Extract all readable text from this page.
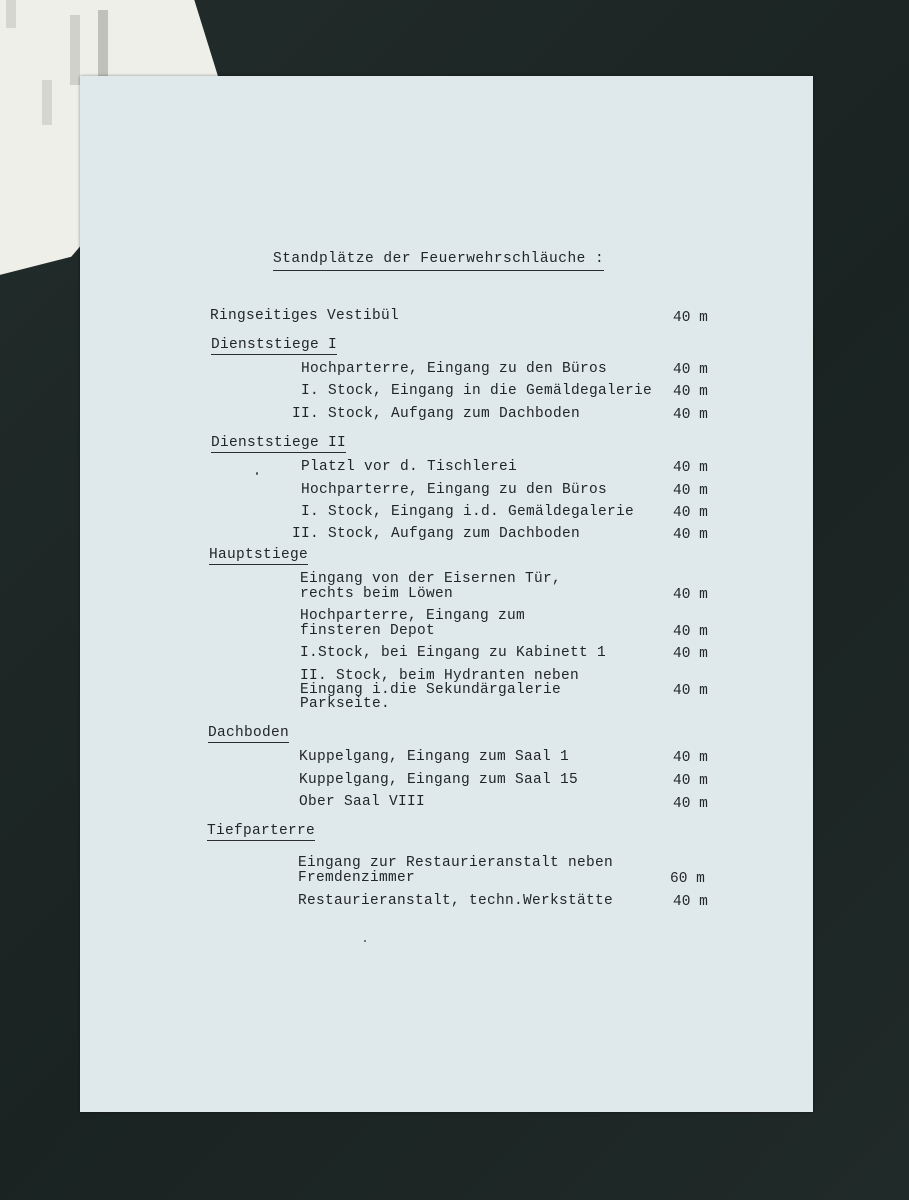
Standplätze der Feuerwehrschläuche :
Ringseitiges Vestibül	40 m
Dienststiege I
Hochparterre, Eingang zu den Büros	40 m
I. Stock, Eingang in die Gemäldegalerie 40 m
II. Stock, Aufgang zum Dachboden	40 m
Dienststiege II
Platzl vor d. Tischlerei	40 m
Hochparterre, Eingang zu den Büros	40 m
I. Stock, Eingang i.d. Gemäldegalerie	40 m
II. Stock, Aufgang zum Dachboden	40 m
Hauptstiege
Eingang von der Eisernen Tür,
rechts beim Löwen	40 m
Hochparterre, Eingang zum
finsteren Depot	40 m
I.Stock, bei Eingang zu Kabinett 1	40 m
II. Stock, beim Hydranten neben
Eingang i.die Sekundärgalerie
Parkseite.
40 m
Dachboden
Kuppelgang, Eingang zum Saal 1	40 m
Kuppelgang, Eingang zum Saal 15	40 m
Ober Saal VIII	40 m
Tiefparterre
Eingang zur Restaurieranstalt neben
Fremdenzimmer	60 m
Restaurieranstalt, techn.Werkstätte	40 m
